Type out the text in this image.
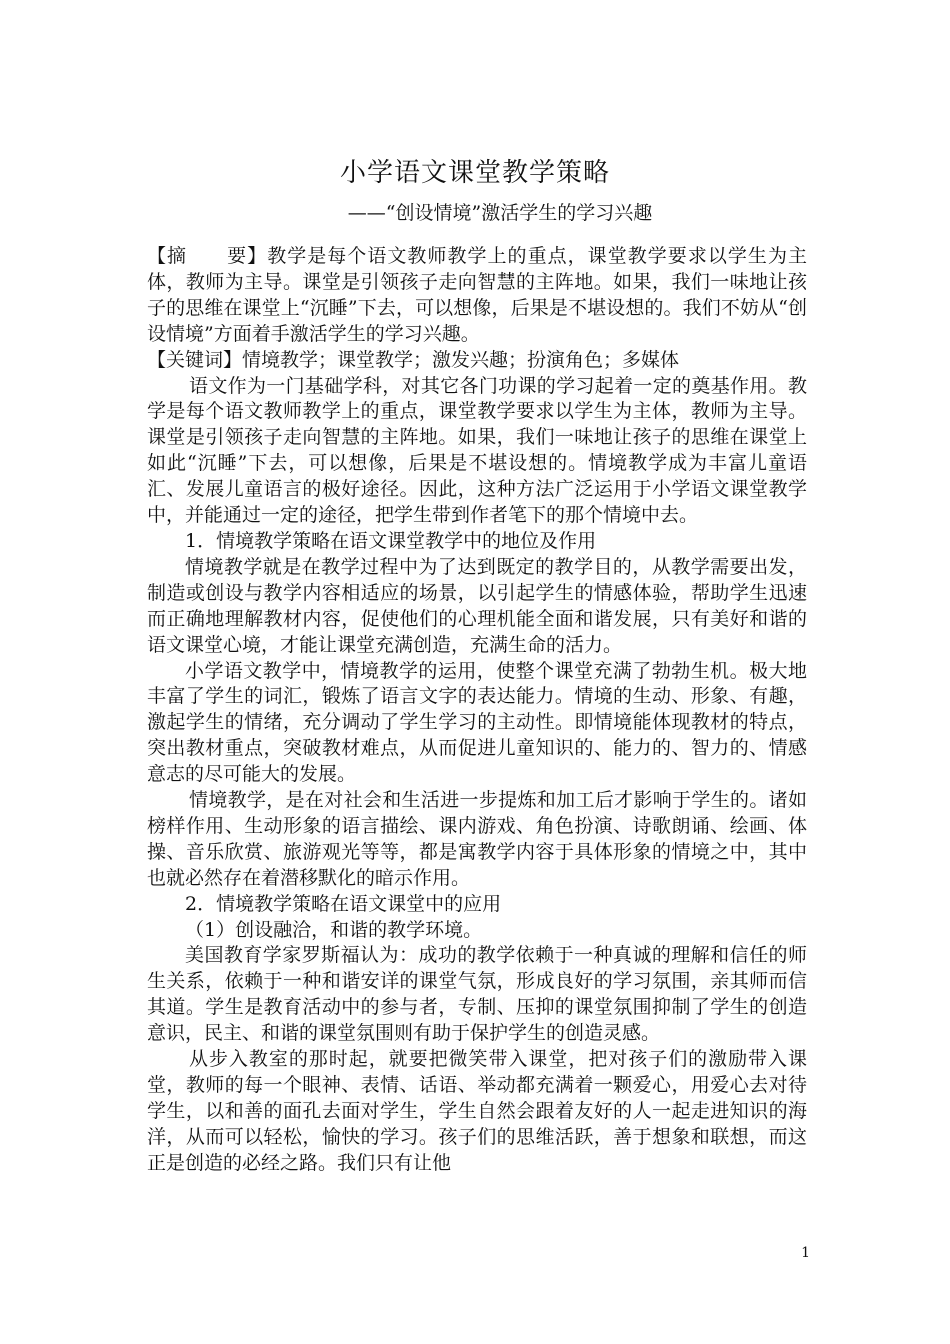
小学语文课堂教学策略
——“创设情境”激活学生的学习兴趣

【摘　　要】教学是每个语文教师教学上的重点，课堂教学要求以学生为主体，教师为主导。课堂是引领孩子走向智慧的主阵地。如果，我们一味地让孩子的思维在课堂上“沉睡”下去，可以想像，后果是不堪设想的。我们不妨从“创设情境”方面着手激活学生的学习兴趣。

【关键词】情境教学；课堂教学；激发兴趣；扮演角色；多媒体

语文作为一门基础学科，对其它各门功课的学习起着一定的奠基作用。教学是每个语文教师教学上的重点，课堂教学要求以学生为主体，教师为主导。课堂是引领孩子走向智慧的主阵地。如果，我们一味地让孩子的思维在课堂上如此“沉睡”下去，可以想像，后果是不堪设想的。情境教学成为丰富儿童语汇、发展儿童语言的极好途径。因此，这种方法广泛运用于小学语文课堂教学中，并能通过一定的途径，把学生带到作者笔下的那个情境中去。

1．情境教学策略在语文课堂教学中的地位及作用

情境教学就是在教学过程中为了达到既定的教学目的，从教学需要出发，制造或创设与教学内容相适应的场景，以引起学生的情感体验，帮助学生迅速而正确地理解教材内容，促使他们的心理机能全面和谐发展，只有美好和谐的语文课堂心境，才能让课堂充满创造，充满生命的活力。

小学语文教学中，情境教学的运用，使整个课堂充满了勃勃生机。极大地丰富了学生的词汇，锻炼了语言文字的表达能力。情境的生动、形象、有趣，激起学生的情绪，充分调动了学生学习的主动性。即情境能体现教材的特点，突出教材重点，突破教材难点，从而促进儿童知识的、能力的、智力的、情感意志的尽可能大的发展。

情境教学，是在对社会和生活进一步提炼和加工后才影响于学生的。诸如榜样作用、生动形象的语言描绘、课内游戏、角色扮演、诗歌朗诵、绘画、体操、音乐欣赏、旅游观光等等，都是寓教学内容于具体形象的情境之中，其中也就必然存在着潜移默化的暗示作用。

2．情境教学策略在语文课堂中的应用

（1）创设融洽，和谐的教学环境。

美国教育学家罗斯福认为：成功的教学依赖于一种真诚的理解和信任的师生关系，依赖于一种和谐安详的课堂气氛，形成良好的学习氛围，亲其师而信其道。学生是教育活动中的参与者，专制、压抑的课堂氛围抑制了学生的创造意识，民主、和谐的课堂氛围则有助于保护学生的创造灵感。

从步入教室的那时起，就要把微笑带入课堂，把对孩子们的激励带入课堂，教师的每一个眼神、表情、话语、举动都充满着一颗爱心，用爱心去对待学生，以和善的面孔去面对学生，学生自然会跟着友好的人一起走进知识的海洋，从而可以轻松，愉快的学习。孩子们的思维活跃，善于想象和联想，而这正是创造的必经之路。我们只有让他

1
